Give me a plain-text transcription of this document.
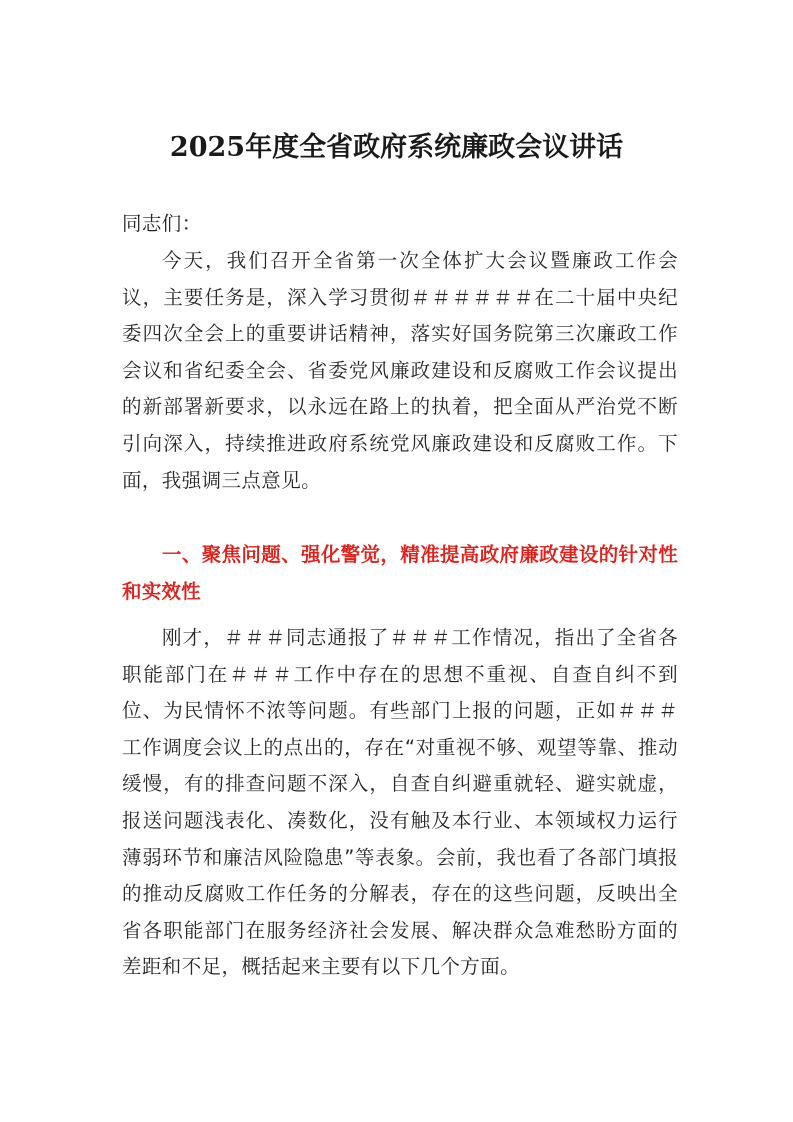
2025年度全省政府系统廉政会议讲话
同志们：
今天，我们召开全省第一次全体扩大会议暨廉政工作会议，主要任务是，深入学习贯彻＃＃＃＃＃＃在二十届中央纪委四次全会上的重要讲话精神，落实好国务院第三次廉政工作会议和省纪委全会、省委党风廉政建设和反腐败工作会议提出的新部署新要求，以永远在路上的执着，把全面从严治党不断引向深入，持续推进政府系统党风廉政建设和反腐败工作。下面，我强调三点意见。
一、聚焦问题、强化警觉，精准提高政府廉政建设的针对性和实效性
刚才，＃＃＃同志通报了＃＃＃工作情况，指出了全省各职能部门在＃＃＃工作中存在的思想不重视、自查自纠不到位、为民情怀不浓等问题。有些部门上报的问题，正如＃＃＃工作调度会议上的点出的，存在“对重视不够、观望等靠、推动缓慢，有的排查问题不深入，自查自纠避重就轻、避实就虚，报送问题浅表化、凑数化，没有触及本行业、本领域权力运行薄弱环节和廉洁风险隐患”等表象。会前，我也看了各部门填报的推动反腐败工作任务的分解表，存在的这些问题，反映出全省各职能部门在服务经济社会发展、解决群众急难愁盼方面的差距和不足，概括起来主要有以下几个方面。
